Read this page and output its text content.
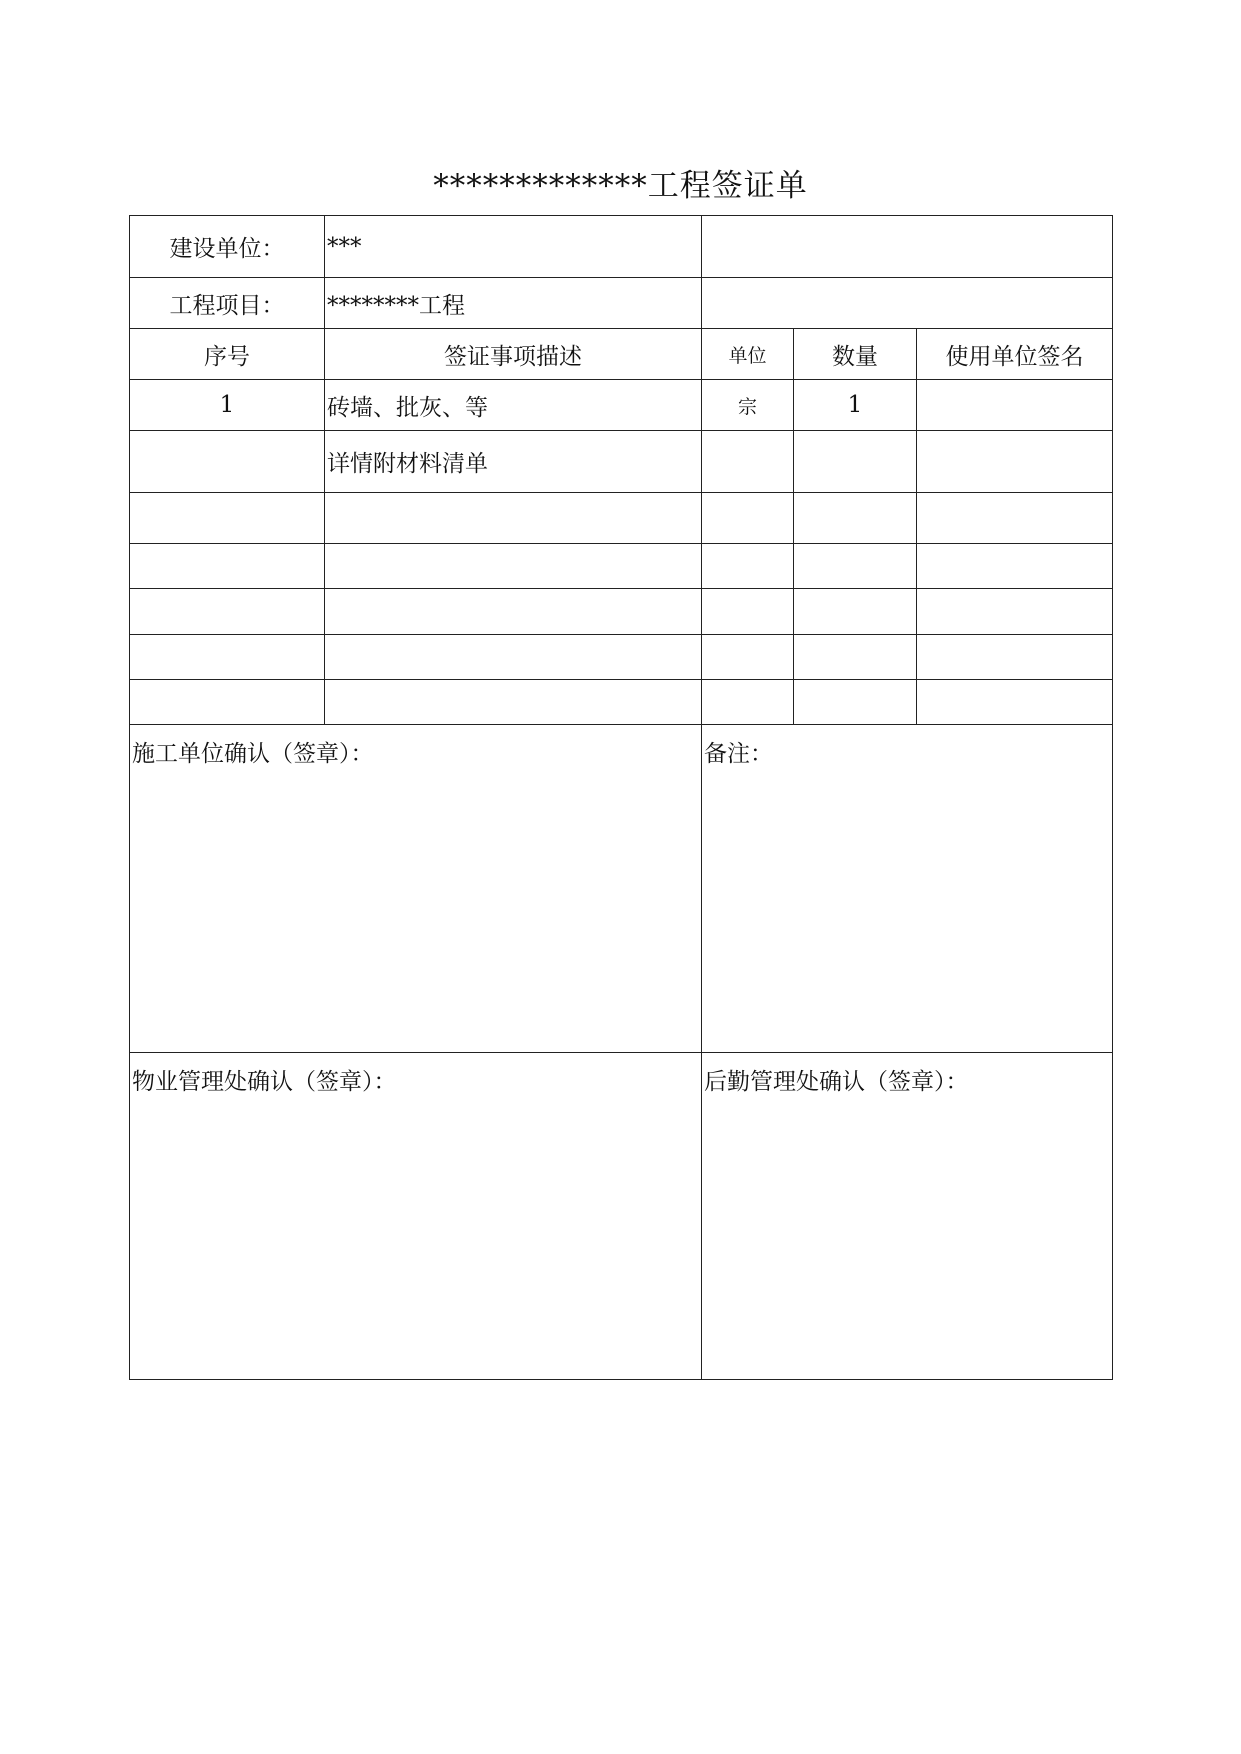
*************工程签证单
建设单位：	***			
工程项目：	********工程			
序号	签证事项描述	单位	数量	使用单位签名
1	砖墙、批灰、等	宗	1	
	详情附材料清单			

施工单位确认（签章）：		备注：		
物业管理处确认（签章）：		后勤管理处确认（签章）：		
